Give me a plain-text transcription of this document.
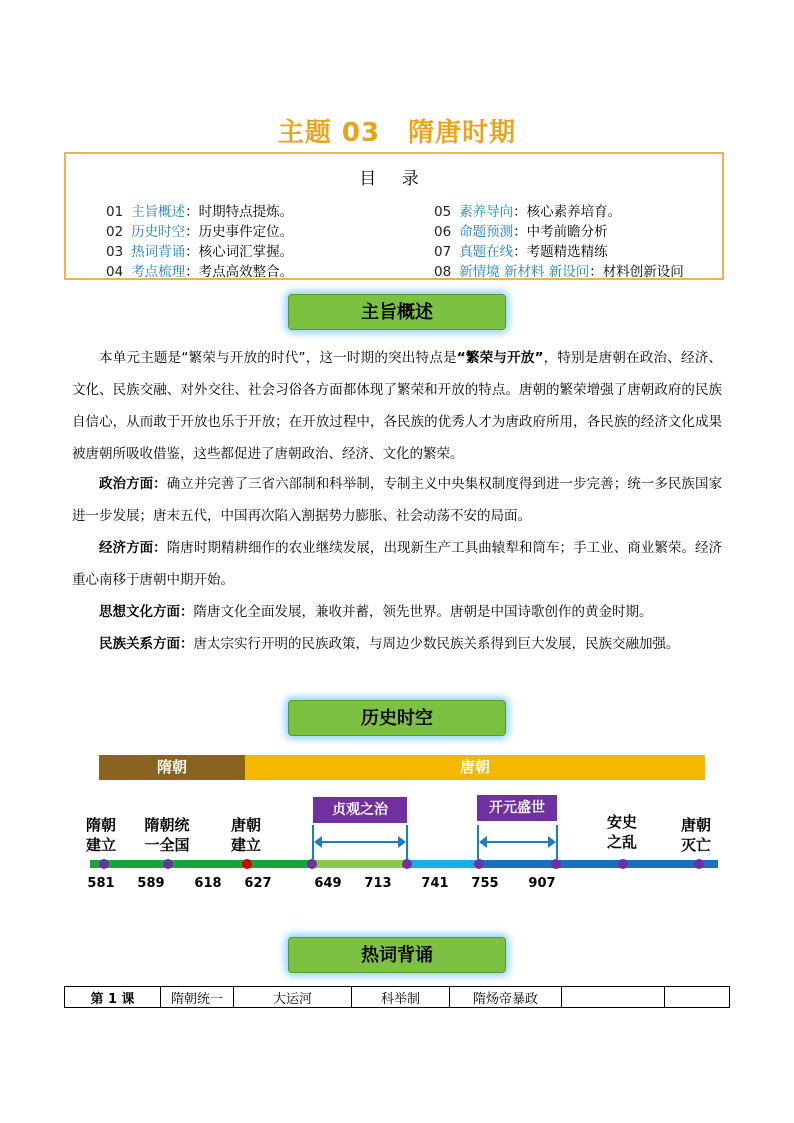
主题 03 隋唐时期
目 录
01 主旨概述：时期特点提炼。
02 历史时空：历史事件定位。
03 热词背诵：核心词汇掌握。
04 考点梳理：考点高效整合。
05 素养导向：核心素养培育。
06 命题预测：中考前瞻分析
07 真题在线：考题精选精练
08 新情境 新材料 新设问：材料创新设问
主旨概述
本单元主题是“繁荣与开放的时代”，这一时期的突出特点是“繁荣与开放”，特别是唐朝在政治、经济、文化、民族交融、对外交往、社会习俗各方面都体现了繁荣和开放的特点。唐朝的繁荣增强了唐朝政府的民族自信心，从而敢于开放也乐于开放；在开放过程中，各民族的优秀人才为唐政府所用，各民族的经济文化成果被唐朝所吸收借鉴，这些都促进了唐朝政治、经济、文化的繁荣。
政治方面：确立并完善了三省六部制和科举制，专制主义中央集权制度得到进一步完善；统一多民族国家进一步发展；唐末五代，中国再次陷入割据势力膨胀、社会动荡不安的局面。
经济方面：隋唐时期精耕细作的农业继续发展，出现新生产工具曲辕犁和筒车；手工业、商业繁荣。经济重心南移于唐朝中期开始。
思想文化方面：隋唐文化全面发展，兼收并蓄，领先世界。唐朝是中国诗歌创作的黄金时期。
民族关系方面：唐太宗实行开明的民族政策，与周边少数民族关系得到巨大发展，民族交融加强。
历史时空
隋朝	唐朝
隋朝
建立
隋朝统
一全国
唐朝
建立
安史
之乱
唐朝
灭亡
贞观之治	开元盛世
581	589	618	627	649	713	741	755	907
热词背诵
第 1 课	隋朝统一	大运河	科举制	隋炀帝暴政		
